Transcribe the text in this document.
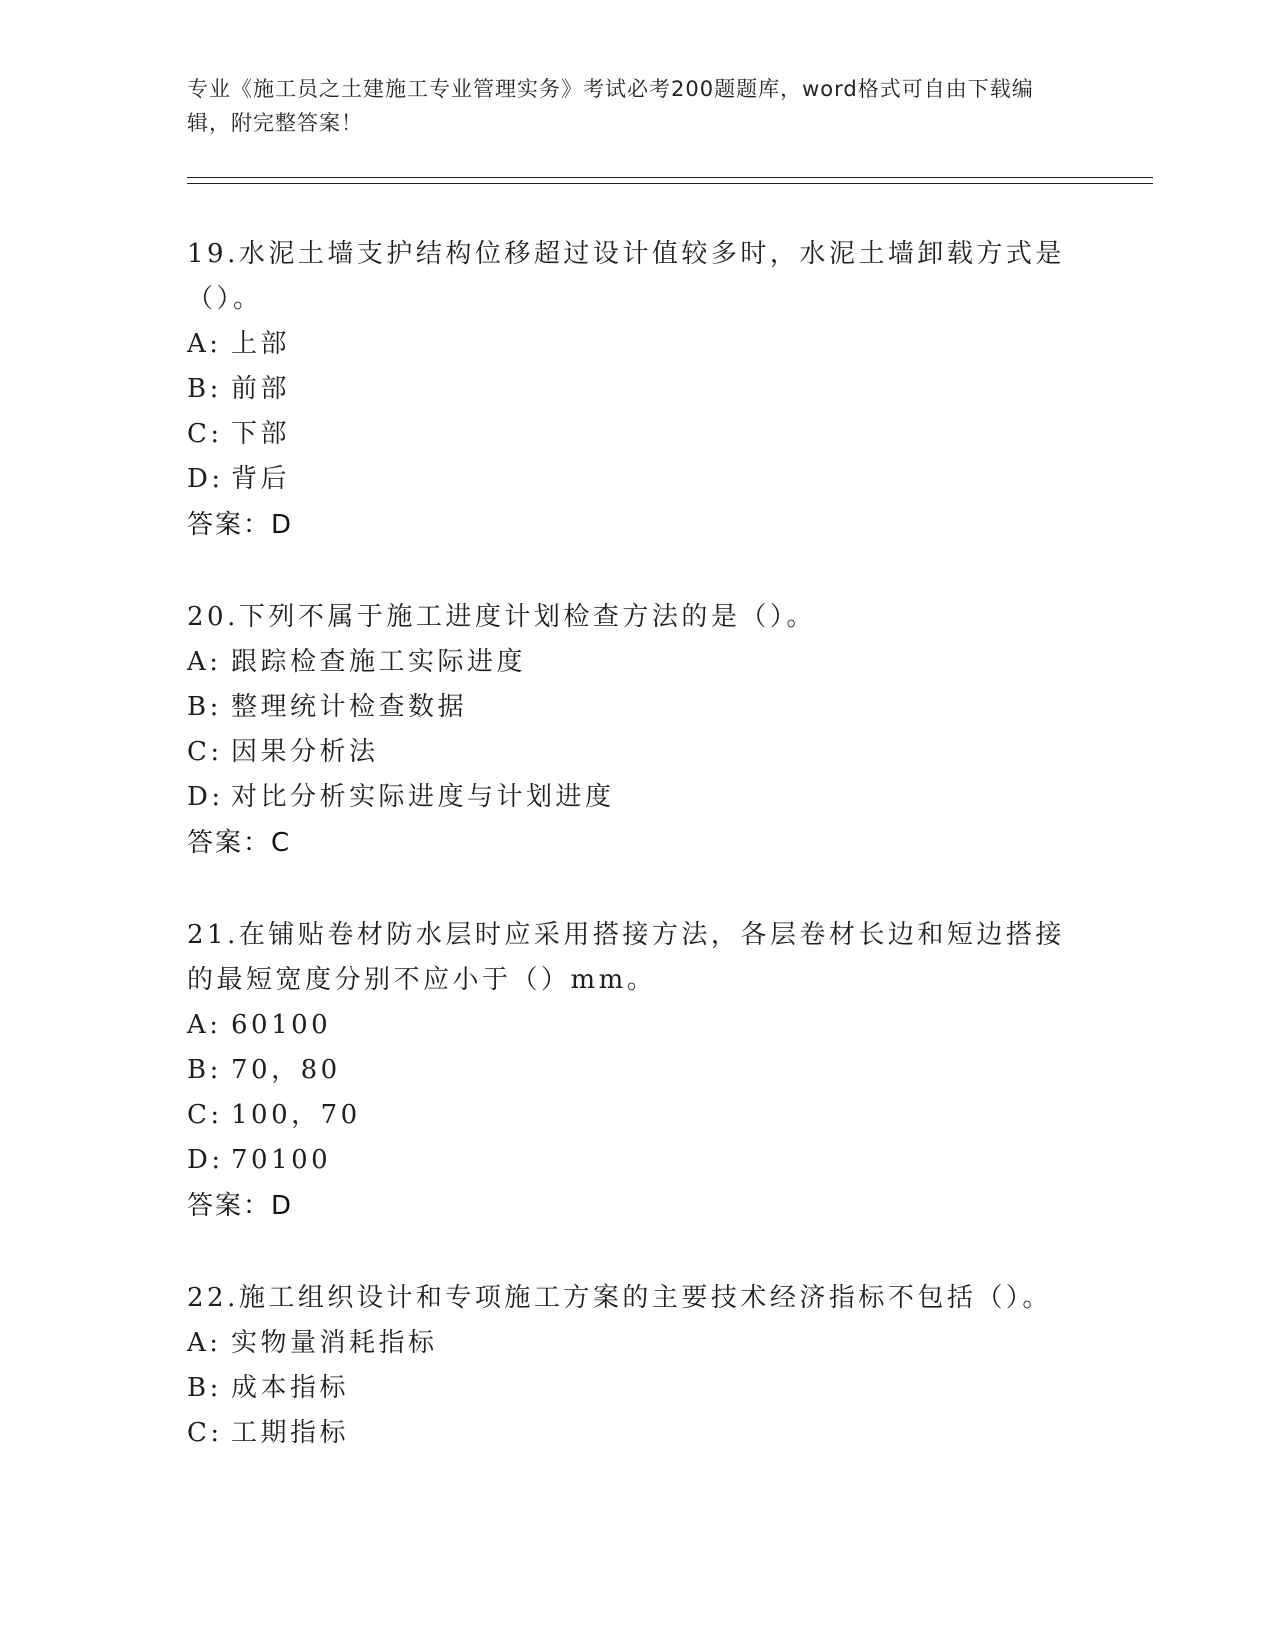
专业《施工员之土建施工专业管理实务》考试必考200题题库，word格式可自由下载编辑，附完整答案！

19.水泥土墙支护结构位移超过设计值较多时，水泥土墙卸载方式是（）。

A: 上部

B: 前部

C: 下部

D: 背后

答案：D

20.下列不属于施工进度计划检查方法的是（）。

A: 跟踪检查施工实际进度

B: 整理统计检查数据

C: 因果分析法

D: 对比分析实际进度与计划进度

答案：C

21.在铺贴卷材防水层时应采用搭接方法，各层卷材长边和短边搭接的最短宽度分别不应小于（）mm。

A: 60100

B: 70，80

C: 100，70

D: 70100

答案：D

22.施工组织设计和专项施工方案的主要技术经济指标不包括（）。

A: 实物量消耗指标

B: 成本指标

C: 工期指标
